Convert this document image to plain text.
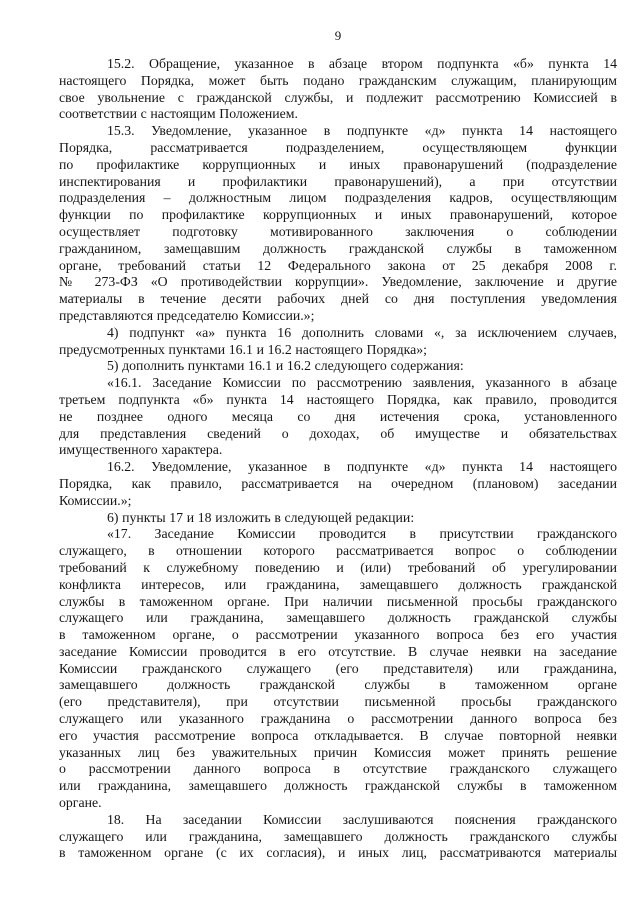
9
15.2. Обращение, указанное в абзаце втором подпункта «б» пункта 14
настоящего Порядка, может быть подано гражданским служащим, планирующим
свое увольнение с гражданской службы, и подлежит рассмотрению Комиссией в
соответствии с настоящим Положением.
15.3. Уведомление, указанное в подпункте «д» пункта 14 настоящего
Порядка, рассматривается подразделением, осуществляющем функции
по профилактике коррупционных и иных правонарушений (подразделение
инспектирования и профилактики правонарушений), а при отсутствии
подразделения – должностным лицом подразделения кадров, осуществляющим
функции по профилактике коррупционных и иных правонарушений, которое
осуществляет подготовку мотивированного заключения о соблюдении
гражданином, замещавшим должность гражданской службы в таможенном
органе, требований статьи 12 Федерального закона от 25 декабря 2008 г.
№ 273-ФЗ «О противодействии коррупции». Уведомление, заключение и другие
материалы в течение десяти рабочих дней со дня поступления уведомления
представляются председателю Комиссии.»;
4) подпункт «а» пункта 16 дополнить словами «, за исключением случаев,
предусмотренных пунктами 16.1 и 16.2 настоящего Порядка»;
5) дополнить пунктами 16.1 и 16.2 следующего содержания:
«16.1. Заседание Комиссии по рассмотрению заявления, указанного в абзаце
третьем подпункта «б» пункта 14 настоящего Порядка, как правило, проводится
не позднее одного месяца со дня истечения срока, установленного
для представления сведений о доходах, об имуществе и обязательствах
имущественного характера.
16.2. Уведомление, указанное в подпункте «д» пункта 14 настоящего
Порядка, как правило, рассматривается на очередном (плановом) заседании
Комиссии.»;
6) пункты 17 и 18 изложить в следующей редакции:
«17. Заседание Комиссии проводится в присутствии гражданского
служащего, в отношении которого рассматривается вопрос о соблюдении
требований к служебному поведению и (или) требований об урегулировании
конфликта интересов, или гражданина, замещавшего должность гражданской
службы в таможенном органе. При наличии письменной просьбы гражданского
служащего или гражданина, замещавшего должность гражданской службы
в таможенном органе, о рассмотрении указанного вопроса без его участия
заседание Комиссии проводится в его отсутствие. В случае неявки на заседание
Комиссии гражданского служащего (его представителя) или гражданина,
замещавшего должность гражданской службы в таможенном органе
(его представителя), при отсутствии письменной просьбы гражданского
служащего или указанного гражданина о рассмотрении данного вопроса без
его участия рассмотрение вопроса откладывается. В случае повторной неявки
указанных лиц без уважительных причин Комиссия может принять решение
о рассмотрении данного вопроса в отсутствие гражданского служащего
или гражданина, замещавшего должность гражданской службы в таможенном
органе.
18. На заседании Комиссии заслушиваются пояснения гражданского
служащего или гражданина, замещавшего должность гражданского службы
в таможенном органе (с их согласия), и иных лиц, рассматриваются материалы
